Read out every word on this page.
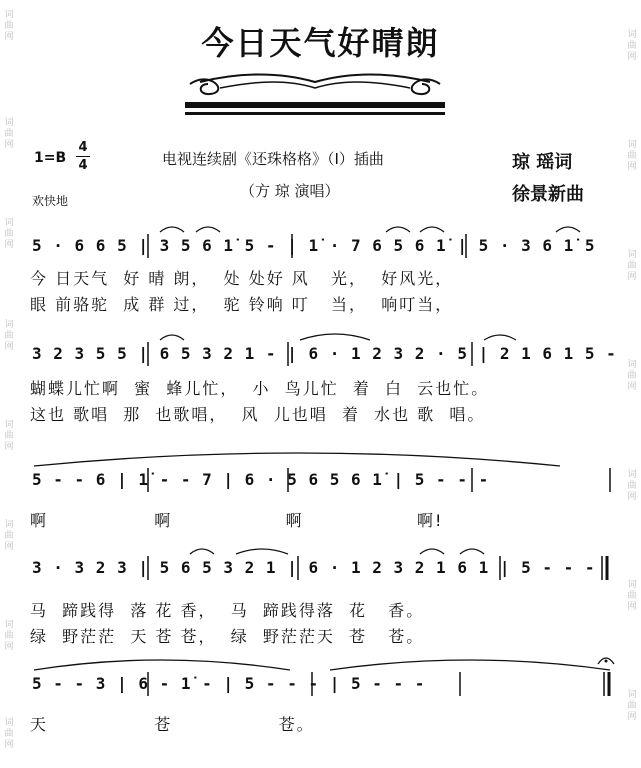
词曲网
词曲网
词曲网
词曲网
词曲网
词曲网
词曲网
词曲网
词曲网
词曲网
词曲网
词曲网
词曲网
词曲网
词曲网
今日天气好晴朗
1=B
4
4	电视连续剧《还珠格格》（Ⅰ）插曲
（方 琼 演唱）
琼 瑶词
徐景新曲
欢快地
5 · 6 6 5 | 3 5 6 1̇ 5 - | 1̇ · 7 6 5 6 1̇ | 5 · 3 6 1̇ 5
今 日天气  好 晴 朗，  处 处好 风   光，  好风光，
眼 前骆驼  成 群 过，  驼 铃响 叮   当，  响叮当，
3 2 3 5 5 | 6 5 3 2 1 - | 6 · 1 2 3 2 · 5 | 2 1 6 1 5 -
蝴蝶儿忙啊  蜜  蜂儿忙，  小  鸟儿忙  着  白  云也忙。
这也 歌唱  那  也歌唱，  风  儿也唱  着  水也 歌  唱。
5 - - 6 | 1̇ - - 7 | 6 · 5 6 5 6 1̇ | 5 - - -
啊               啊                啊                啊!
3 · 3 2 3 | 5 6 5 3 2 1 | 6 · 1 2 3 2 1 6 1 | 5 - - -
马  蹄践得  落 花 香，  马  蹄践得落  花   香。
绿  野茫茫  天 苍 苍，  绿  野茫茫天  苍   苍。
5 - - 3 | 6 - 1̇ - | 5 - - - | 5 - - -
天               苍               苍。
